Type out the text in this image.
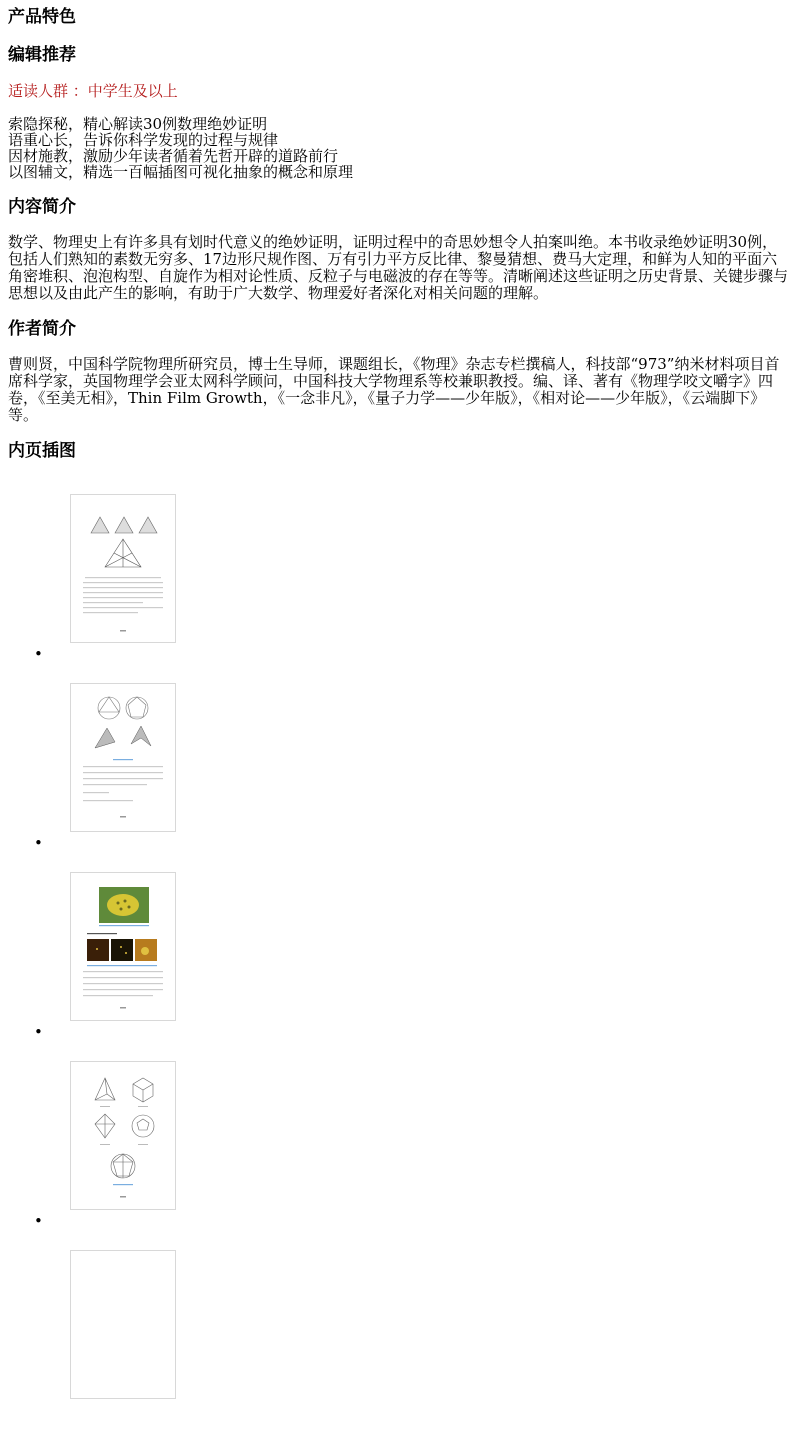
产品特色
编辑推荐
适读人群 ：中学生及以上
索隐探秘，精心解读30例数理绝妙证明
语重心长，告诉你科学发现的过程与规律
因材施教，激励少年读者循着先哲开辟的道路前行
以图辅文，精选一百幅插图可视化抽象的概念和原理
内容简介

数学、物理史上有许多具有划时代意义的绝妙证明，证明过程中的奇思妙想令人拍案叫绝。本书收录绝妙证明30例，包括人们熟知的素数无穷多、17边形尺规作图、万有引力平方反比律、黎曼猜想、费马大定理，和鲜为人知的平面六角密堆积、泡泡构型、自旋作为相对论性质、反粒子与电磁波的存在等等。清晰阐述这些证明之历史背景、关键步骤与思想以及由此产生的影响，有助于广大数学、物理爱好者深化对相关问题的理解。

作者简介

曹则贤，中国科学院物理所研究员，博士生导师，课题组长，《物理》杂志专栏撰稿人，科技部“973”纳米材料项目首席科学家，英国物理学会亚太网科学顾问，中国科技大学物理系等校兼职教授。编、译、著有《物理学咬文嚼字》四卷，《至美无相》，Thin Film Growth，《一念非凡》，《量子力学——少年版》，《相对论——少年版》，《云端脚下》等。

内页插图
•
•
•
•
